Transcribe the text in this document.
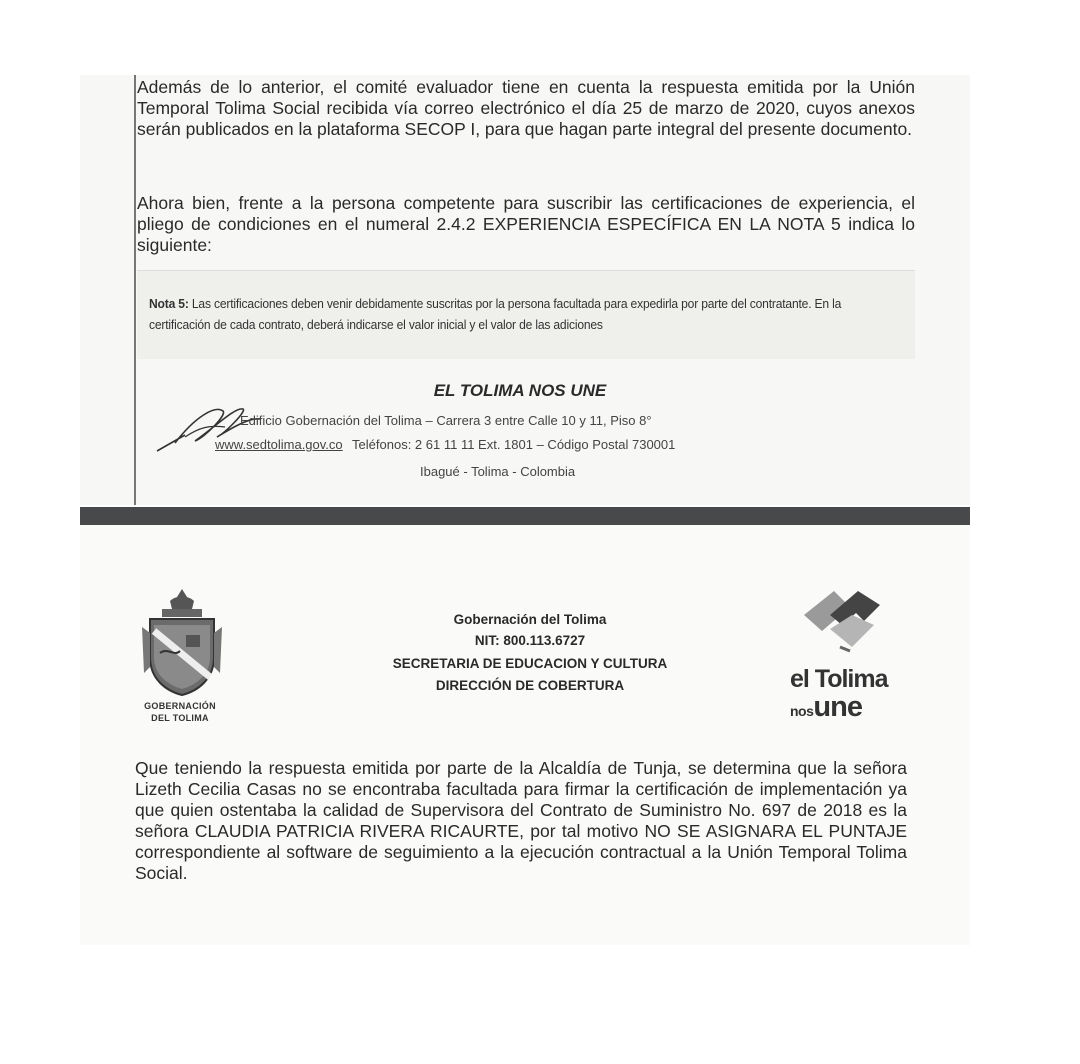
Además de lo anterior, el comité evaluador tiene en cuenta la respuesta emitida por la Unión Temporal Tolima Social recibida vía correo electrónico el día 25 de marzo de 2020, cuyos anexos serán publicados en la plataforma SECOP I, para que hagan parte integral del presente documento.

Ahora bien, frente a la persona competente para suscribir las certificaciones de experiencia, el pliego de condiciones en el numeral 2.4.2 EXPERIENCIA ESPECÍFICA EN LA NOTA 5 indica lo siguiente:

Nota 5: Las certificaciones deben venir debidamente suscritas por la persona facultada para expedirla por parte del contratante. En la certificación de cada contrato, deberá indicarse el valor inicial y el valor de las adiciones

EL TOLIMA NOS UNE

Edificio Gobernación del Tolima – Carrera 3 entre Calle 10 y 11, Piso 8°

www.sedtolima.gov.co Teléfonos: 2 61 11 11 Ext. 1801 – Código Postal 730001

Ibagué - Tolima - Colombia

GOBERNACIÓN

DEL TOLIMA

Gobernación del Tolima

NIT: 800.113.6727

SECRETARIA DE EDUCACION Y CULTURA

DIRECCIÓN DE COBERTURA	el Tolima

nosune

Que teniendo la respuesta emitida por parte de la Alcaldía de Tunja, se determina que la señora Lizeth Cecilia Casas no se encontraba facultada para firmar la certificación de implementación ya que quien ostentaba la calidad de Supervisora del Contrato de Suministro No. 697 de 2018 es la señora CLAUDIA PATRICIA RIVERA RICAURTE, por tal motivo NO SE ASIGNARA EL PUNTAJE correspondiente al software de seguimiento a la ejecución contractual a la Unión Temporal Tolima Social.
